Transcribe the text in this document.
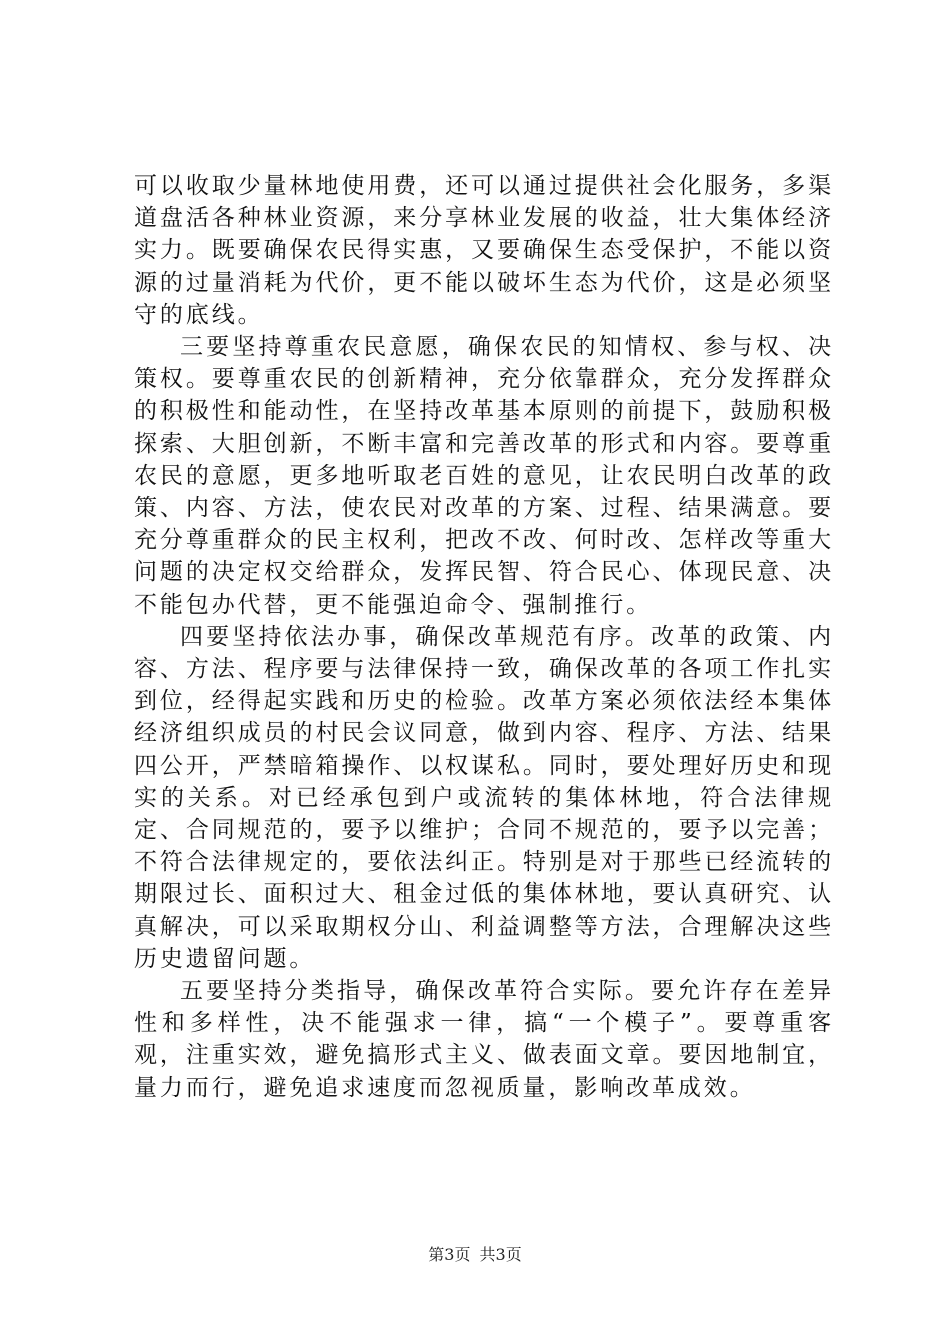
可以收取少量林地使用费，还可以通过提供社会化服务，多渠道盘活各种林业资源，来分享林业发展的收益，壮大集体经济实力。既要确保农民得实惠，又要确保生态受保护，不能以资源的过量消耗为代价，更不能以破坏生态为代价，这是必须坚守的底线。

三要坚持尊重农民意愿，确保农民的知情权、参与权、决策权。要尊重农民的创新精神，充分依靠群众，充分发挥群众的积极性和能动性，在坚持改革基本原则的前提下，鼓励积极探索、大胆创新，不断丰富和完善改革的形式和内容。要尊重农民的意愿，更多地听取老百姓的意见，让农民明白改革的政策、内容、方法，使农民对改革的方案、过程、结果满意。要充分尊重群众的民主权利，把改不改、何时改、怎样改等重大问题的决定权交给群众，发挥民智、符合民心、体现民意、决不能包办代替，更不能强迫命令、强制推行。

四要坚持依法办事，确保改革规范有序。改革的政策、内容、方法、程序要与法律保持一致，确保改革的各项工作扎实到位，经得起实践和历史的检验。改革方案必须依法经本集体经济组织成员的村民会议同意，做到内容、程序、方法、结果四公开，严禁暗箱操作、以权谋私。同时，要处理好历史和现实的关系。对已经承包到户或流转的集体林地，符合法律规定、合同规范的，要予以维护；合同不规范的，要予以完善；不符合法律规定的，要依法纠正。特别是对于那些已经流转的期限过长、面积过大、租金过低的集体林地，要认真研究、认真解决，可以采取期权分山、利益调整等方法，合理解决这些历史遗留问题。

五要坚持分类指导，确保改革符合实际。要允许存在差异性和多样性，决不能强求一律，搞“一个模子”。要尊重客观，注重实效，避免搞形式主义、做表面文章。要因地制宜，量力而行，避免追求速度而忽视质量，影响改革成效。

第3页 共3页
